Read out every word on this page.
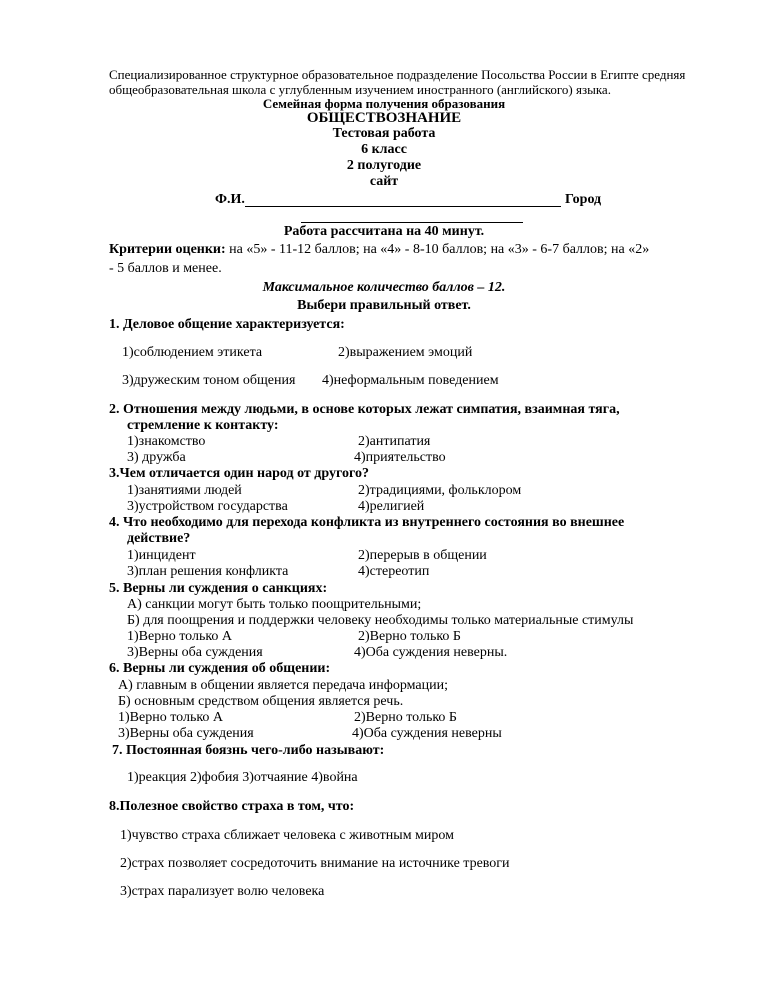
Специализированное структурное образовательное подразделение Посольства России в Египте средняя
общеобразовательная школа с углубленным изучением иностранного (английского) языка.
Семейная форма получения образования
ОБЩЕСТВОЗНАНИЕ
Тестовая работа
6 класс
2 полугодие
сайт
Ф.И.	Город
Работа рассчитана на 40 минут.
Критерии оценки: на «5» - 11-12 баллов; на «4» - 8-10 баллов; на «3» - 6-7 баллов; на «2»
- 5 баллов и менее.
Максимальное количество баллов – 12.
Выбери правильный ответ.
1. Деловое общение характеризуется:
1)соблюдением этикета	2)выражением эмоций
3)дружеским тоном общения 4)неформальным поведением
2. Отношения между людьми, в основе которых лежат симпатия, взаимная тяга,
стремление к контакту:
1)знакомство	2)антипатия
3) дружба	4)приятельство
3.Чем отличается один народ от другого?
1)занятиями людей	2)традициями, фольклором
3)устройством государства	4)религией
4. Что необходимо для перехода конфликта из внутреннего состояния во внешнее
действие?
1)инцидент	2)перерыв в общении
3)план решения конфликта	4)стереотип
5. Верны ли суждения о санкциях:
А) санкции могут быть только поощрительными;
Б) для поощрения и поддержки человеку необходимы только материальные стимулы
1)Верно только А	2)Верно только Б
3)Верны оба суждения	4)Оба суждения неверны.
6. Верны ли суждения об общении:
А) главным в общении является передача информации;
Б) основным средством общения является речь.
1)Верно только А	2)Верно только Б
3)Верны оба суждения	4)Оба суждения неверны
7. Постоянная боязнь чего-либо называют:
1)реакция 2)фобия 3)отчаяние 4)война
8.Полезное свойство страха в том, что:
1)чувство страха сближает человека с животным миром
2)страх позволяет сосредоточить внимание на источнике тревоги
3)страх парализует волю человека
